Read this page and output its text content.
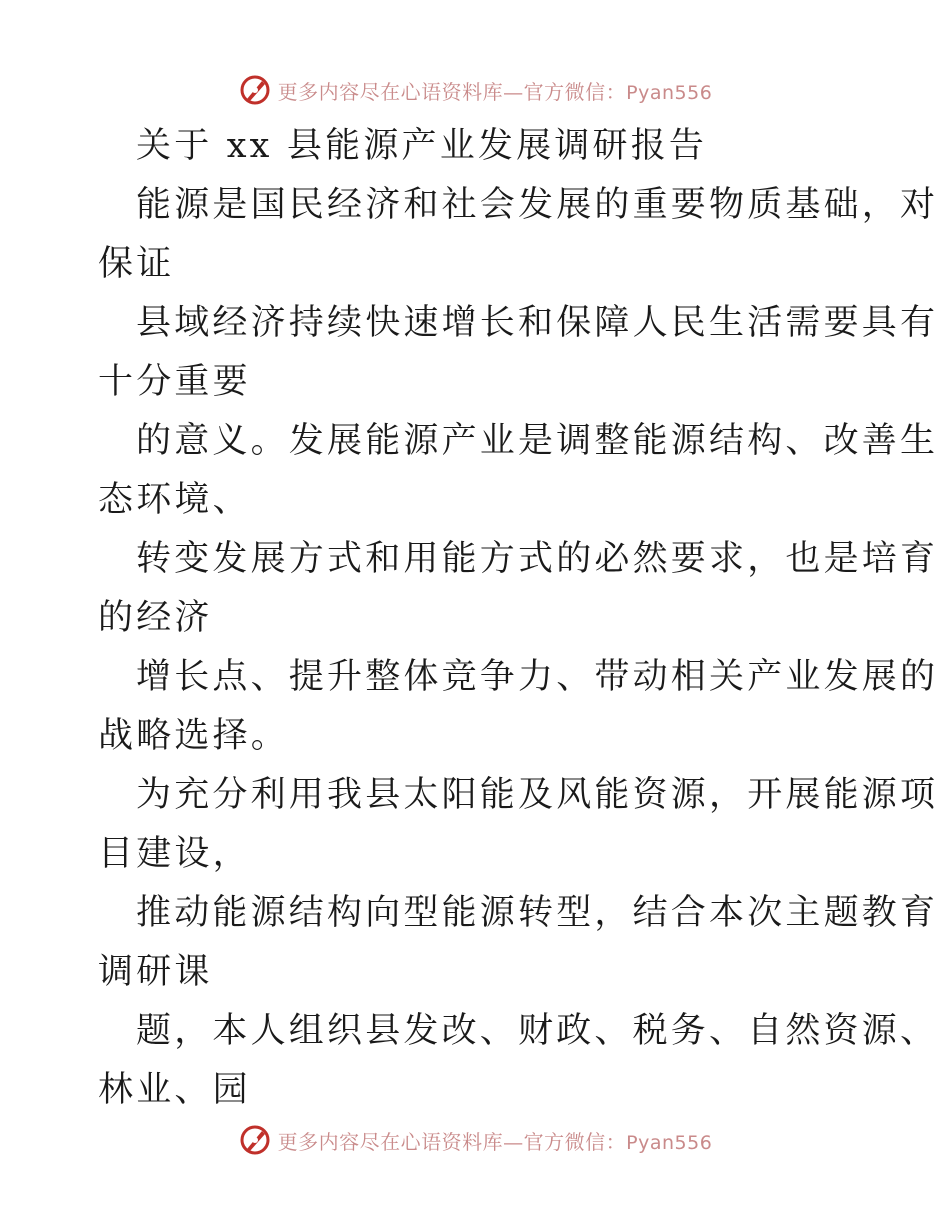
更多内容尽在心语资料库—官方微信：Pyan556
关于 xx 县能源产业发展调研报告
能源是国民经济和社会发展的重要物质基础，对
保证
县域经济持续快速增长和保障人民生活需要具有
十分重要
的意义。发展能源产业是调整能源结构、改善生
态环境、
转变发展方式和用能方式的必然要求，也是培育
的经济
增长点、提升整体竞争力、带动相关产业发展的
战略选择。
为充分利用我县太阳能及风能资源，开展能源项
目建设，
推动能源结构向型能源转型，结合本次主题教育
调研课
题，本人组织县发改、财政、税务、自然资源、
林业、园
更多内容尽在心语资料库—官方微信：Pyan556
